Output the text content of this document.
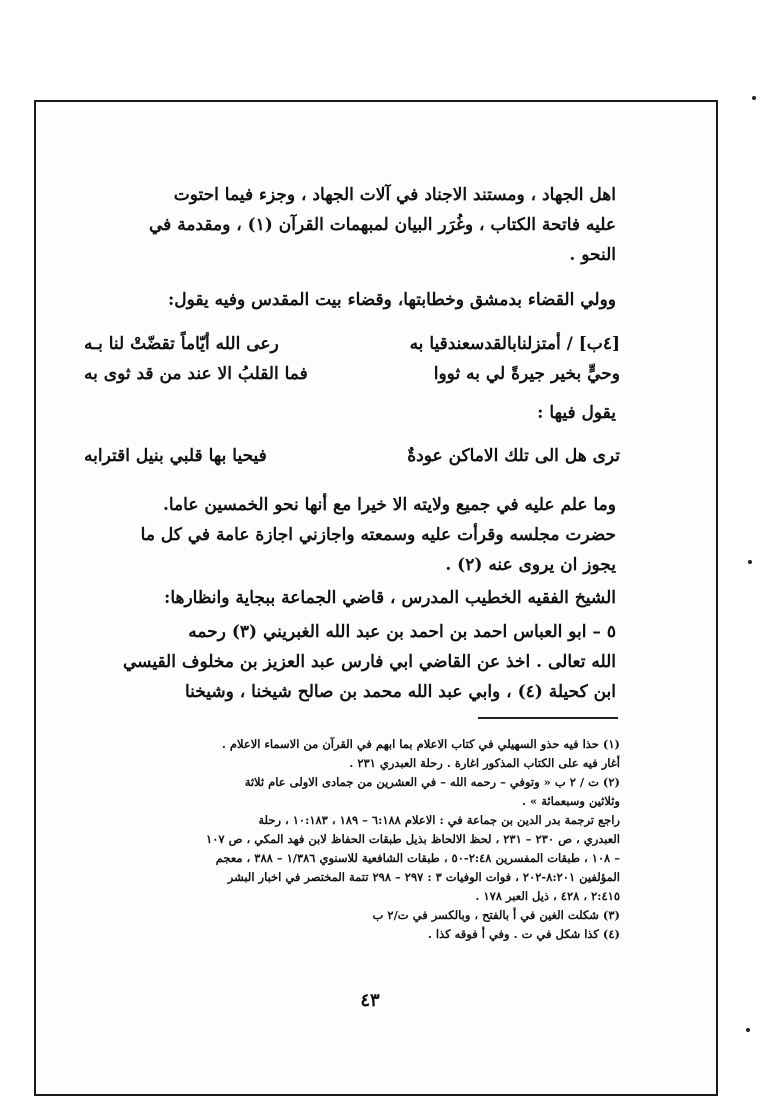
اهل الجهاد ، ومستند الاجناد في آلات الجهاد ، وجزء فيما احتوت
عليه فاتحة الكتاب ، وغُرَر البيان لمبهمات القرآن (١) ، ومقدمة في
النحو .
وولي القضاء بدمشق وخطابتها، وقضاء بيت المقدس وفيه يقول:
[٤ب] / أمتزلنابالقدسعندقيا به
رعى الله أيّاماً تقضّتْ لنا بـه
وحيٍّ بخير جيرةً لي به ثووا
فما القلبُ الا عند من قد ثوى به
يقول فيها :
ترى هل الى تلك الاماكن عودةٌ
فيحيا بها قلبي بنيل اقترابه
وما علم عليه في جميع ولايته الا خيرا مع أنها نحو الخمسين عاما.
حضرت مجلسه وقرأت عليه وسمعته واجازني اجازة عامة في كل ما
يجوز ان يروى عنه (٢) .
الشيخ الفقيه الخطيب المدرس ، قاضي الجماعة ببجاية وانظارها:
٥ – ابو العباس احمد بن احمد بن عبد الله الغبريني (٣) رحمه
الله تعالى . اخذ عن القاضي ابي فارس عبد العزيز بن مخلوف القيسي
ابن كحيلة (٤) ، وابي عبد الله محمد بن صالح شيخنا ، وشيخنا
(١) حذا فيه حذو السهيلي في كتاب الاعلام بما ابهم في القرآن من الاسماء الاعلام .
أغار فيه على الكتاب المذكور اغارة . رحلة العبدري ٢٣١ .
(٢) ت / ٢ ب « وتوفي – رحمه الله – في العشرين من جمادى الاولى عام ثلاثة
وثلاثين وسبعمائة » .
راجع ترجمة بدر الدين بن جماعة في : الاعلام ٦:١٨٨ – ١٨٩ ، ١٠:١٨٣ ، رحلة
العبدري ، ص ٢٣٠ – ٢٣١ ، لحظ الالحاظ بذيل طبقات الحفاظ لابن فهد المكي ، ص ١٠٧
– ١٠٨ ، طبقات المفسرين ٢:٤٨-٥٠ ، طبقات الشافعية للاسنوي ١/٣٨٦ – ٣٨٨ ، معجم
المؤلفين ٨:٢٠١-٢٠٢ ، فوات الوفيات ٣ : ٢٩٧ – ٢٩٨ تتمة المختصر في اخبار البشر
٢:٤١٥ ، ٤٢٨ ، ذيل العبر ١٧٨ .
(٣) شكلت الغين في أ بالفتح ، وبالكسر في ت/٢ ب
(٤) كذا شكل في ت . وفي أ فوقه كذا .
٤٣
